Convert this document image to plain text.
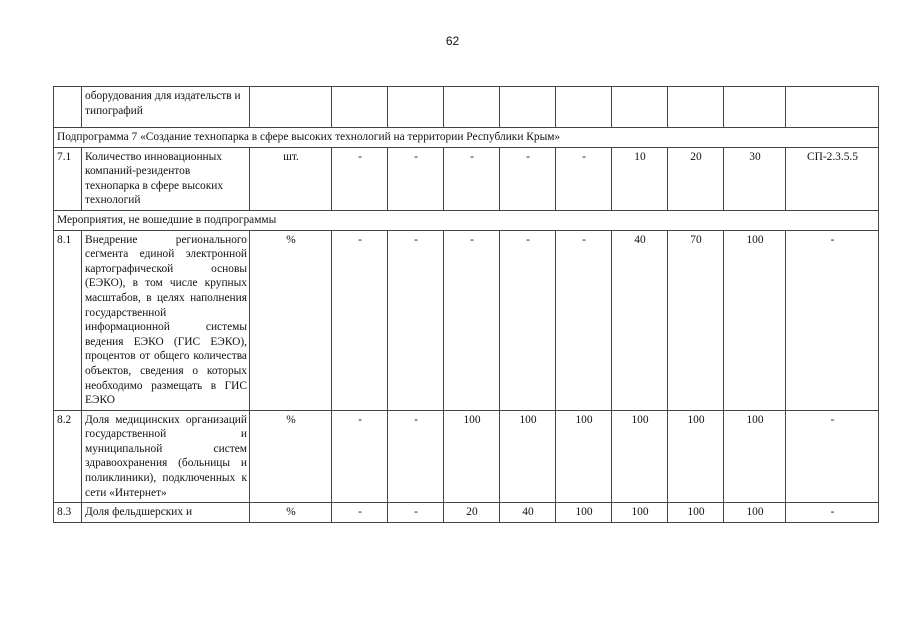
62
	оборудования для издательств и типографий										
Подпрограмма 7 «Создание технопарка в сфере высоких технологий на территории Республики Крым»											
7.1	Количество инновационных компаний-резидентов технопарка в сфере высоких технологий	шт.	-	-	-	-	-	10	20	30	СП-2.3.5.5
Мероприятия, не вошедшие в подпрограммы											
8.1	Внедрение регионального сегмента единой электронной картографической основы (ЕЭКО), в том числе крупных масштабов, в целях наполнения государственной информационной системы ведения ЕЭКО (ГИС ЕЭКО), процентов от общего количества объектов, сведения о которых необходимо размещать в ГИС ЕЭКО	%	-	-	-	-	-	40	70	100	-
8.2	Доля медицинских организаций государственной и муниципальной систем здравоохранения (больницы и поликлиники), подключенных к сети «Интернет»	%	-	-	100	100	100	100	100	100	-
8.3	Доля фельдшерских и	%	-	-	20	40	100	100	100	100	-
